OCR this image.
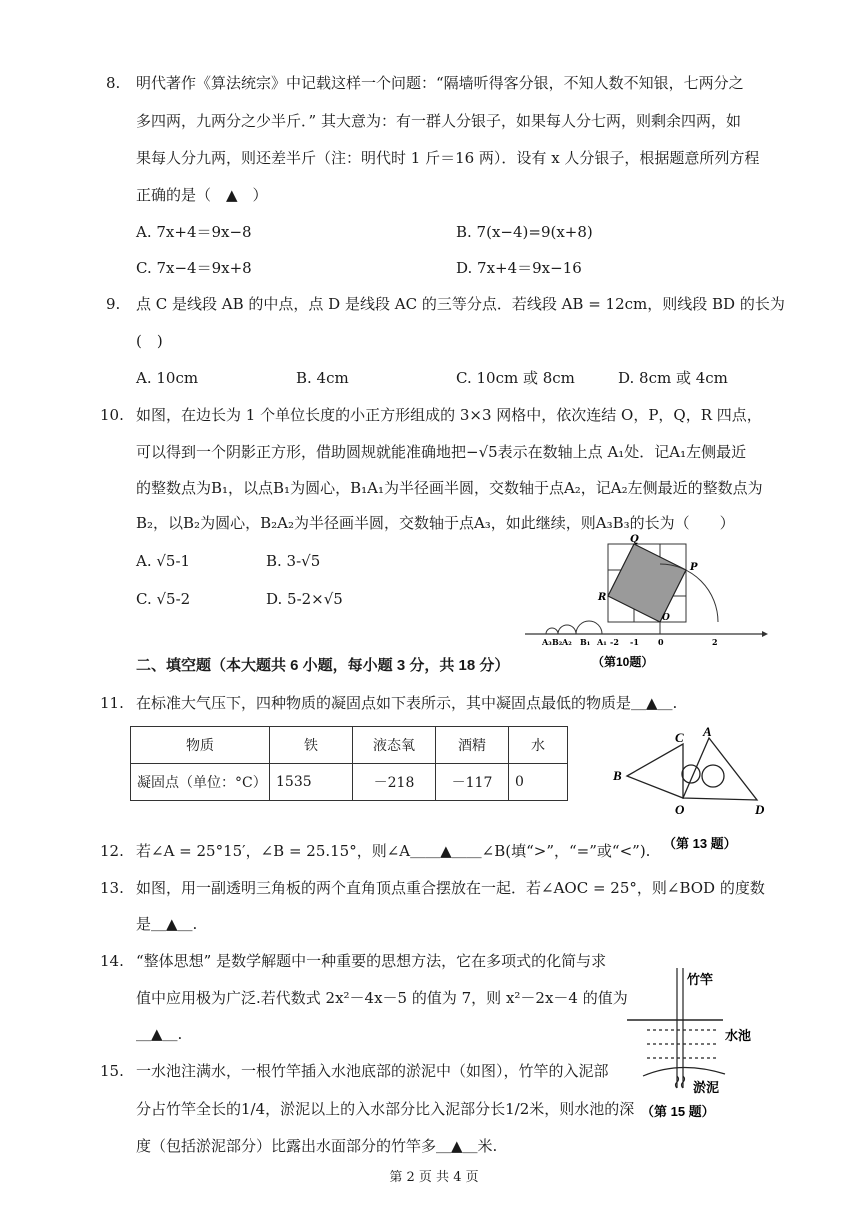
8. 明代著作《算法统宗》中记载这样一个问题：“隔墙听得客分银，不知人数不知银，七两分之
多四两，九两分之少半斤．” 其大意为：有一群人分银子，如果每人分七两，则剩余四两，如
果每人分九两，则还差半斤（注：明代时 1 斤＝16 两）．设有 x 人分银子，根据题意所列方程
正确的是（　▲　）
A. 7x+4＝9x−8	B. 7(x−4)=9(x+8)
C. 7x−4＝9x+8	D. 7x+4＝9x−16
9. 点 C 是线段 AB 的中点，点 D 是线段 AC 的三等分点．若线段 AB = 12cm，则线段 BD 的长为
(　)
A. 10cm	B. 4cm	C. 10cm 或 8cm	D. 8cm 或 4cm
10. 如图，在边长为 1 个单位长度的小正方形组成的 3×3 网格中，依次连结 O，P，Q，R 四点，
可以得到一个阴影正方形，借助圆规就能准确地把−√5表示在数轴上点 A₁处．记A₁左侧最近
的整数点为B₁，以点B₁为圆心，B₁A₁为半径画半圆，交数轴于点A₂，记A₂左侧最近的整数点为
B₂，以B₂为圆心，B₂A₂为半径画半圆，交数轴于点A₃，如此继续，则A₃B₃的长为（　　）
A. √5-1	B. 3-√5
C. √5-2	D. 5-2×√5
Q
P
R
O
A₃ B₂ A₂ B₁ A₁ -2 -1 0	2
（第10题）
二、填空题（本大题共 6 小题，每小题 3 分，共 18 分）
11. 在标准大气压下，四种物质的凝固点如下表所示，其中凝固点最低的物质是＿▲＿.
物质	铁	液态氧	酒精	水
凝固点（单位：°C）	1535	－218	－117	0	B
C A
O	D
（第 13 题）
12. 若∠A = 25°15′，∠B = 25.15°，则∠A＿＿▲＿＿∠B(填“>”，“=”或“<”).
13. 如图，用一副透明三角板的两个直角顶点重合摆放在一起．若∠AOC = 25°，则∠BOD 的度数
是＿▲＿.
14. “整体思想” 是数学解题中一种重要的思想方法，它在多项式的化简与求
值中应用极为广泛.若代数式 2x²－4x－5 的值为 7，则 x²－2x－4 的值为
＿▲＿.
竹竿
水池
淤泥
（第 15 题）
15. 一水池注满水，一根竹竿插入水池底部的淤泥中（如图），竹竿的入泥部
分占竹竿全长的1/4，淤泥以上的入水部分比入泥部分长1/2米，则水池的深
度（包括淤泥部分）比露出水面部分的竹竿多＿▲＿米.
第 2 页 共 4 页
